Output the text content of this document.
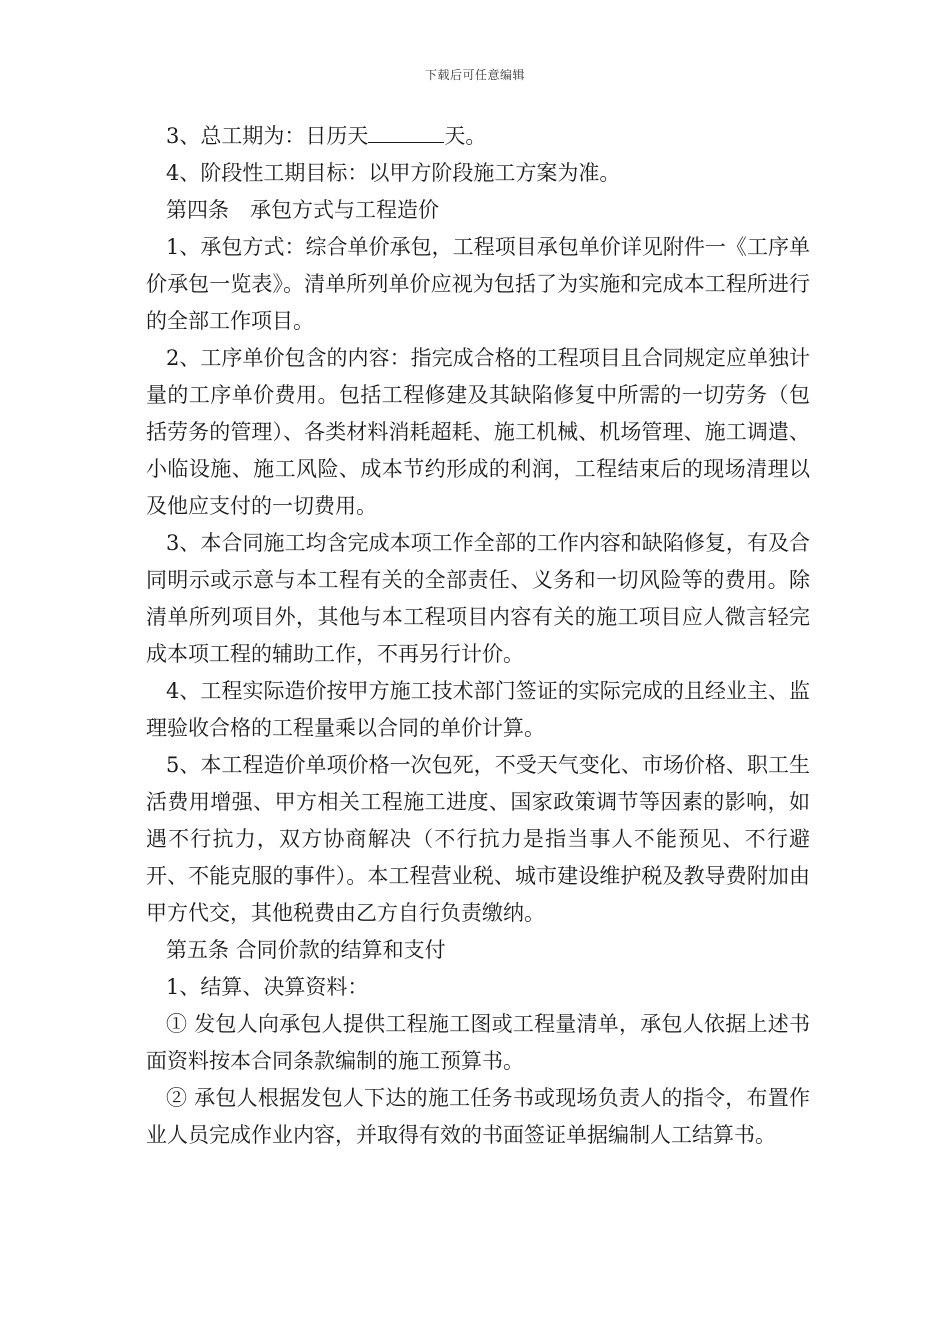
下载后可任意编辑

3、总工期为：日历天	天。

4、阶段性工期目标：以甲方阶段施工方案为准。

第四条　承包方式与工程造价

1、承包方式：综合单价承包，工程项目承包单价详见附件一《工序单价承包一览表》。清单所列单价应视为包括了为实施和完成本工程所进行的全部工作项目。

2、工序单价包含的内容：指完成合格的工程项目且合同规定应单独计量的工序单价费用。包括工程修建及其缺陷修复中所需的一切劳务（包括劳务的管理）、各类材料消耗超耗、施工机械、机场管理、施工调遣、小临设施、施工风险、成本节约形成的利润，工程结束后的现场清理以及他应支付的一切费用。

3、本合同施工均含完成本项工作全部的工作内容和缺陷修复，有及合同明示或示意与本工程有关的全部责任、义务和一切风险等的费用。除清单所列项目外，其他与本工程项目内容有关的施工项目应人微言轻完成本项工程的辅助工作，不再另行计价。

4、工程实际造价按甲方施工技术部门签证的实际完成的且经业主、监理验收合格的工程量乘以合同的单价计算。

5、本工程造价单项价格一次包死，不受天气变化、市场价格、职工生活费用增强、甲方相关工程施工进度、国家政策调节等因素的影响，如遇不行抗力，双方协商解决（不行抗力是指当事人不能预见、不行避开、不能克服的事件）。本工程营业税、城市建设维护税及教导费附加由甲方代交，其他税费由乙方自行负责缴纳。

第五条 合同价款的结算和支付

1、结算、决算资料：

① 发包人向承包人提供工程施工图或工程量清单，承包人依据上述书面资料按本合同条款编制的施工预算书。

② 承包人根据发包人下达的施工任务书或现场负责人的指令，布置作业人员完成作业内容，并取得有效的书面签证单据编制人工结算书。
